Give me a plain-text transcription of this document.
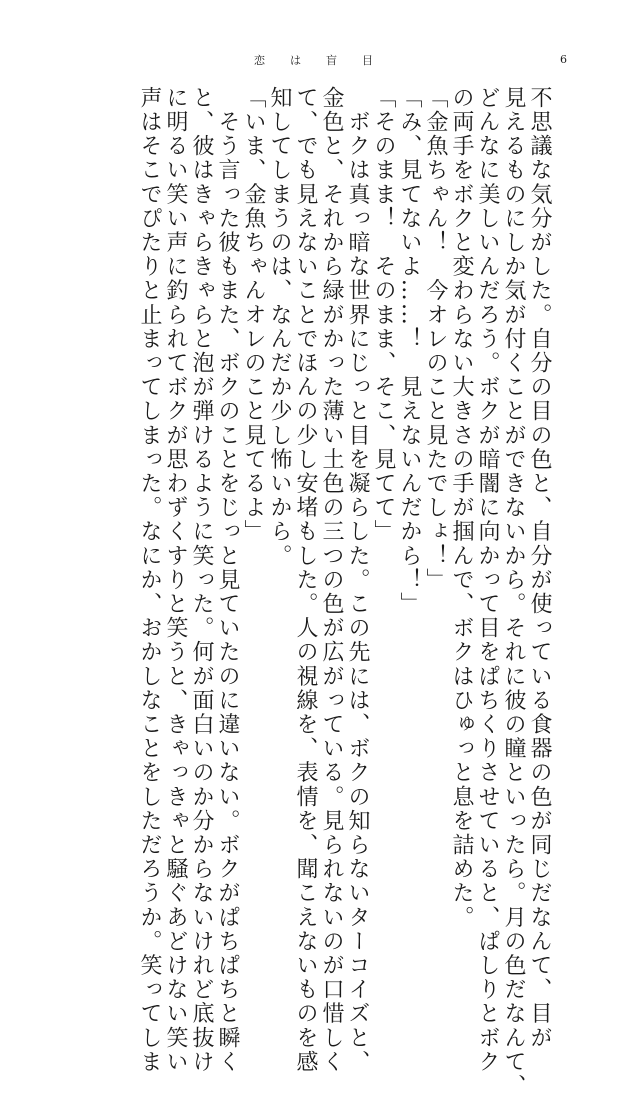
恋は盲目	6

不思議な気分がした。自分の目の色と、自分が使っている食器の色が同じだなんて、目が

見えるものにしか気が付くことができないから。それに彼の瞳といったら。月の色だなんて、

どんなに美しいんだろう。ボクが暗闇に向かって目をぱちくりさせていると、ぱしりとボク

の両手をボクと変わらない大きさの手が掴んで、ボクはひゅっと息を詰めた。

「金魚ちゃん！　今オレのこと見たでしょ！」

「み、見てないよ……！　見えないんだから！」

「そのまま！　そのまま、そこ、見てて」

　ボクは真っ暗な世界にじっと目を凝らした。この先には、ボクの知らないターコイズと、

金色と、それから緑がかった薄い土色の三つの色が広がっている。見られないのが口惜しく

て、でも見えないことでほんの少し安堵もした。人の視線を、表情を、聞こえないものを感

知してしまうのは、なんだか少し怖いから。

「いま、金魚ちゃんオレのこと見てるよ」

　そう言った彼もまた、ボクのことをじっと見ていたのに違いない。ボクがぱちぱちと瞬く

と、彼はきゃらきゃらと泡が弾けるように笑った。何が面白いのか分からないけれど底抜け

に明るい笑い声に釣られてボクが思わずくすりと笑うと、きゃっきゃと騒ぐあどけない笑い

声はそこでぴたりと止まってしまった。なにか、おかしなことをしただろうか。笑ってしま
